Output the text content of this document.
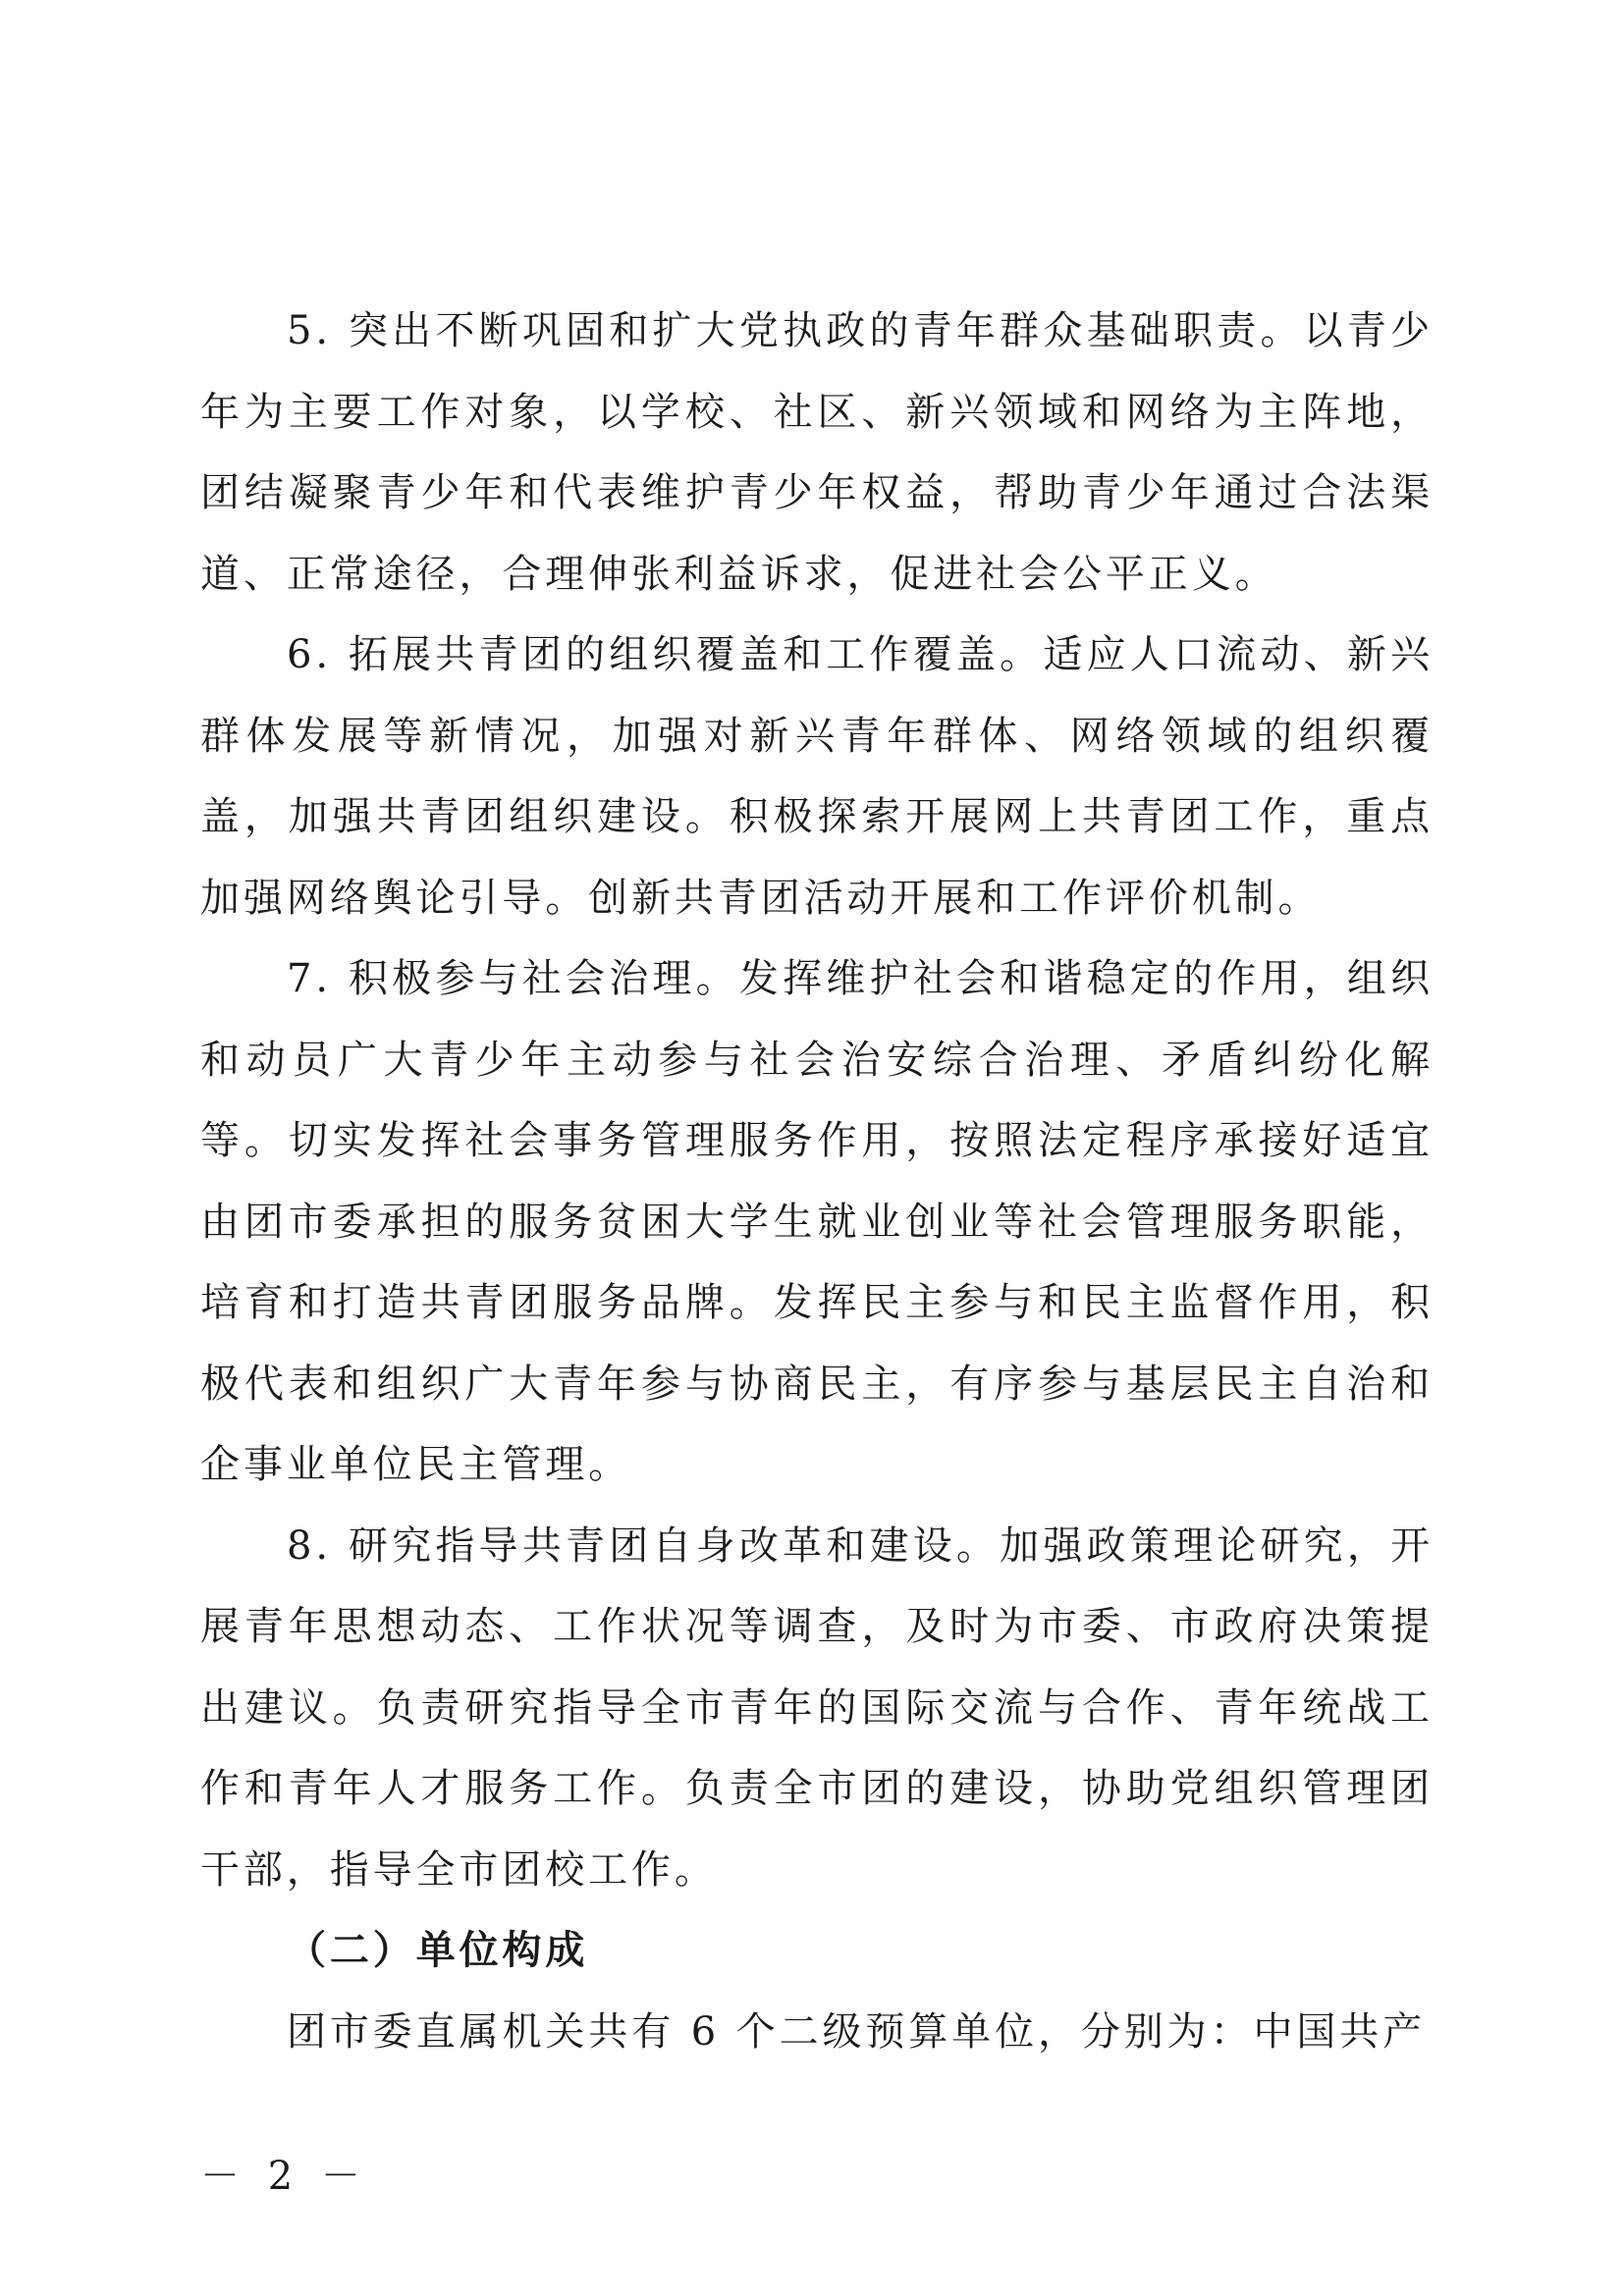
5. 突出不断巩固和扩大党执政的青年群众基础职责。以青少年为主要工作对象，以学校、社区、新兴领域和网络为主阵地，团结凝聚青少年和代表维护青少年权益，帮助青少年通过合法渠道、正常途径，合理伸张利益诉求，促进社会公平正义。

6. 拓展共青团的组织覆盖和工作覆盖。适应人口流动、新兴群体发展等新情况，加强对新兴青年群体、网络领域的组织覆盖，加强共青团组织建设。积极探索开展网上共青团工作，重点加强网络舆论引导。创新共青团活动开展和工作评价机制。

7. 积极参与社会治理。发挥维护社会和谐稳定的作用，组织和动员广大青少年主动参与社会治安综合治理、矛盾纠纷化解等。切实发挥社会事务管理服务作用，按照法定程序承接好适宜由团市委承担的服务贫困大学生就业创业等社会管理服务职能，培育和打造共青团服务品牌。发挥民主参与和民主监督作用，积极代表和组织广大青年参与协商民主，有序参与基层民主自治和企事业单位民主管理。

8. 研究指导共青团自身改革和建设。加强政策理论研究，开展青年思想动态、工作状况等调查，及时为市委、市政府决策提出建议。负责研究指导全市青年的国际交流与合作、青年统战工作和青年人才服务工作。负责全市团的建设，协助党组织管理团干部，指导全市团校工作。

（二）单位构成

团市委直属机关共有 6 个二级预算单位，分别为：中国共产

－ 2 －
